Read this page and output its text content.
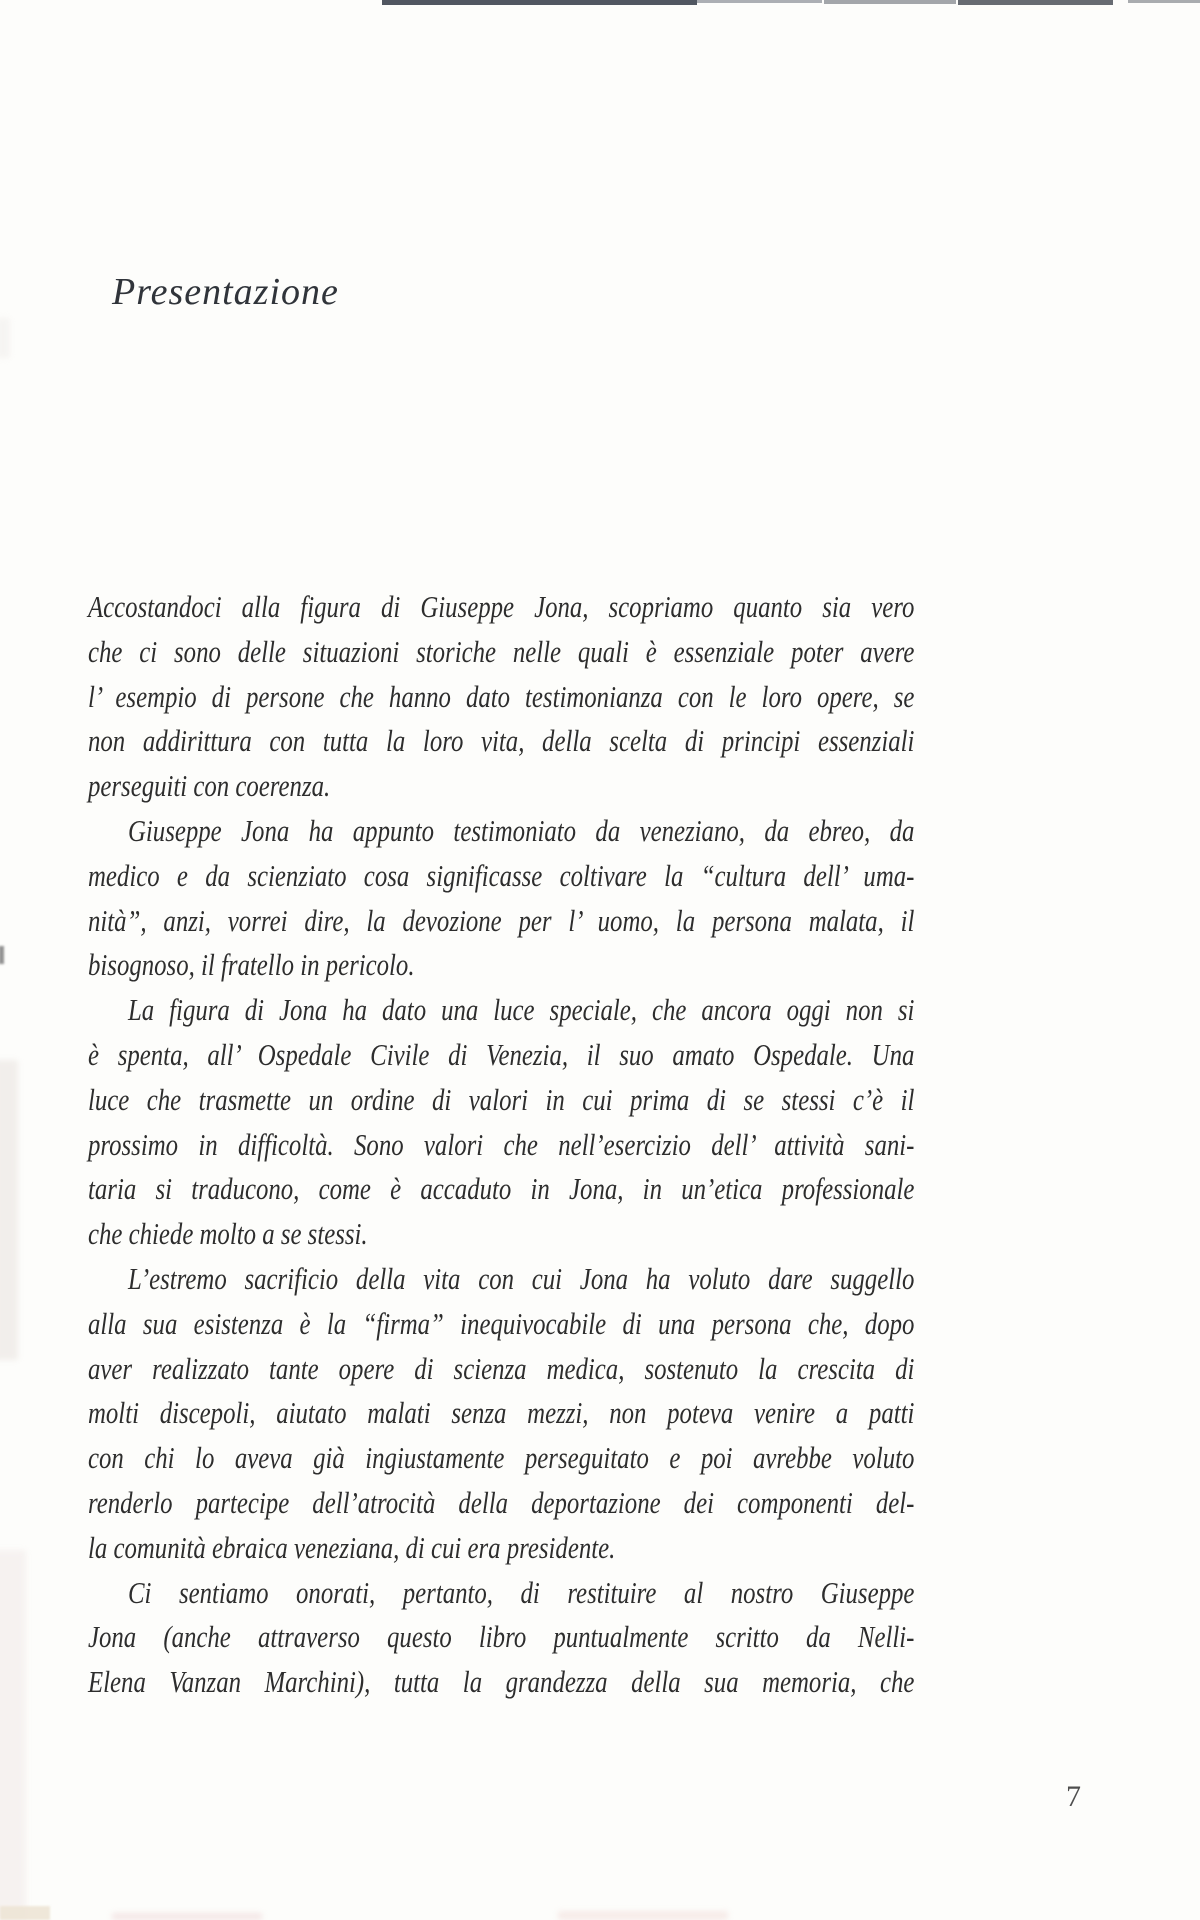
Presentazione
Accostandoci alla figura di Giuseppe Jona, scopriamo quanto sia vero
che ci sono delle situazioni storiche nelle quali è essenziale poter avere
l’ esempio di persone che hanno dato testimonianza con le loro opere, se
non addirittura con tutta la loro vita, della scelta di principi essenziali
perseguiti con coerenza.
Giuseppe Jona ha appunto testimoniato da veneziano, da ebreo, da
medico e da scienziato cosa significasse coltivare la “cultura dell’ uma-
nità”, anzi, vorrei dire, la devozione per l’ uomo, la persona malata, il
bisognoso, il fratello in pericolo.
La figura di Jona ha dato una luce speciale, che ancora oggi non si
è spenta, all’ Ospedale Civile di Venezia, il suo amato Ospedale. Una
luce che trasmette un ordine di valori in cui prima di se stessi c’è il
prossimo in difficoltà. Sono valori che nell’esercizio dell’ attività sani-
taria si traducono, come è accaduto in Jona, in un’etica professionale
che chiede molto a se stessi.
L’estremo sacrificio della vita con cui Jona ha voluto dare suggello
alla sua esistenza è la “firma” inequivocabile di una persona che, dopo
aver realizzato tante opere di scienza medica, sostenuto la crescita di
molti discepoli, aiutato malati senza mezzi, non poteva venire a patti
con chi lo aveva già ingiustamente perseguitato e poi avrebbe voluto
renderlo partecipe dell’atrocità della deportazione dei componenti del-
la comunità ebraica veneziana, di cui era presidente.
Ci sentiamo onorati, pertanto, di restituire al nostro Giuseppe
Jona (anche attraverso questo libro puntualmente scritto da Nelli-
Elena Vanzan Marchini), tutta la grandezza della sua memoria, che
7
